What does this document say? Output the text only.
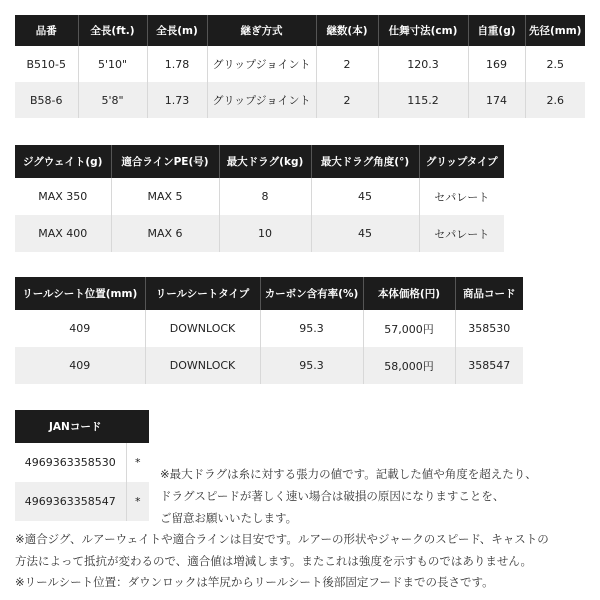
品番	全長(ft.)	全長(m)	継ぎ方式	継数(本)	仕舞寸法(cm)	自重(g)	先径(mm)
B510-5	5'10"	1.78	グリップジョイント	2	120.3	169	2.5
B58-6	5'8"	1.73	グリップジョイント	2	115.2	174	2.6
ジグウェイト(g)	適合ラインPE(号)	最大ドラグ(kg)	最大ドラグ角度(°)	グリップタイプ
MAX 350	MAX 5	8	45	セパレート
MAX 400	MAX 6	10	45	セパレート
リールシート位置(mm)	リールシートタイプ	カーボン含有率(%)	本体価格(円)	商品コード
409	DOWNLOCK	95.3	57,000円	358530
409	DOWNLOCK	95.3	58,000円	358547
JANコード	
4969363358530	*
4969363358547	*
※最大ドラグは糸に対する張力の値です。記載した値や角度を超えたり、
ドラグスピードが著しく速い場合は破損の原因になりますことを、
ご留意お願いいたします。
※適合ジグ、ルアーウェイトや適合ラインは目安です。ルアーの形状やジャークのスピード、キャストの
方法によって抵抗が変わるので、適合値は増減します。またこれは強度を示すものではありません。
※リールシート位置：ダウンロックは竿尻からリールシート後部固定フードまでの長さです。
